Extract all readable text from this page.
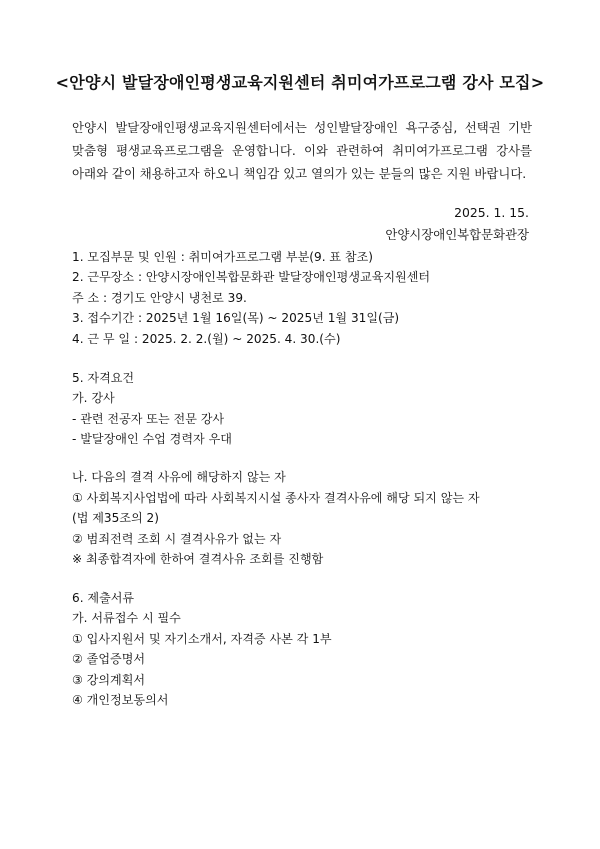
<안양시 발달장애인평생교육지원센터 취미여가프로그램 강사 모집>
안양시 발달장애인평생교육지원센터에서는 성인발달장애인 욕구중심, 선택권 기반 맞춤형 평생교육프로그램을 운영합니다. 이와 관련하여 취미여가프로그램 강사를 아래와 같이 채용하고자 하오니 책임감 있고 열의가 있는 분들의 많은 지원 바랍니다.
2025. 1. 15.
안양시장애인복합문화관장
1. 모집부문 및 인원 : 취미여가프로그램 부분(9. 표 참조)
2. 근무장소 : 안양시장애인복합문화관 발달장애인평생교육지원센터
주 소 : 경기도 안양시 냉천로 39.
3. 접수기간 : 2025년 1월 16일(목) ~ 2025년 1월 31일(금)
4. 근 무 일 : 2025. 2. 2.(월) ~ 2025. 4. 30.(수)
5. 자격요건
가. 강사
- 관련 전공자 또는 전문 강사
- 발달장애인 수업 경력자 우대
나. 다음의 결격 사유에 해당하지 않는 자
① 사회복지사업법에 따라 사회복지시설 종사자 결격사유에 해당 되지 않는 자
(법 제35조의 2)
② 범죄전력 조회 시 결격사유가 없는 자
※ 최종합격자에 한하여 결격사유 조회를 진행함
6. 제출서류
가. 서류접수 시 필수
① 입사지원서 및 자기소개서, 자격증 사본 각 1부
② 졸업증명서
③ 강의계획서
④ 개인정보동의서
